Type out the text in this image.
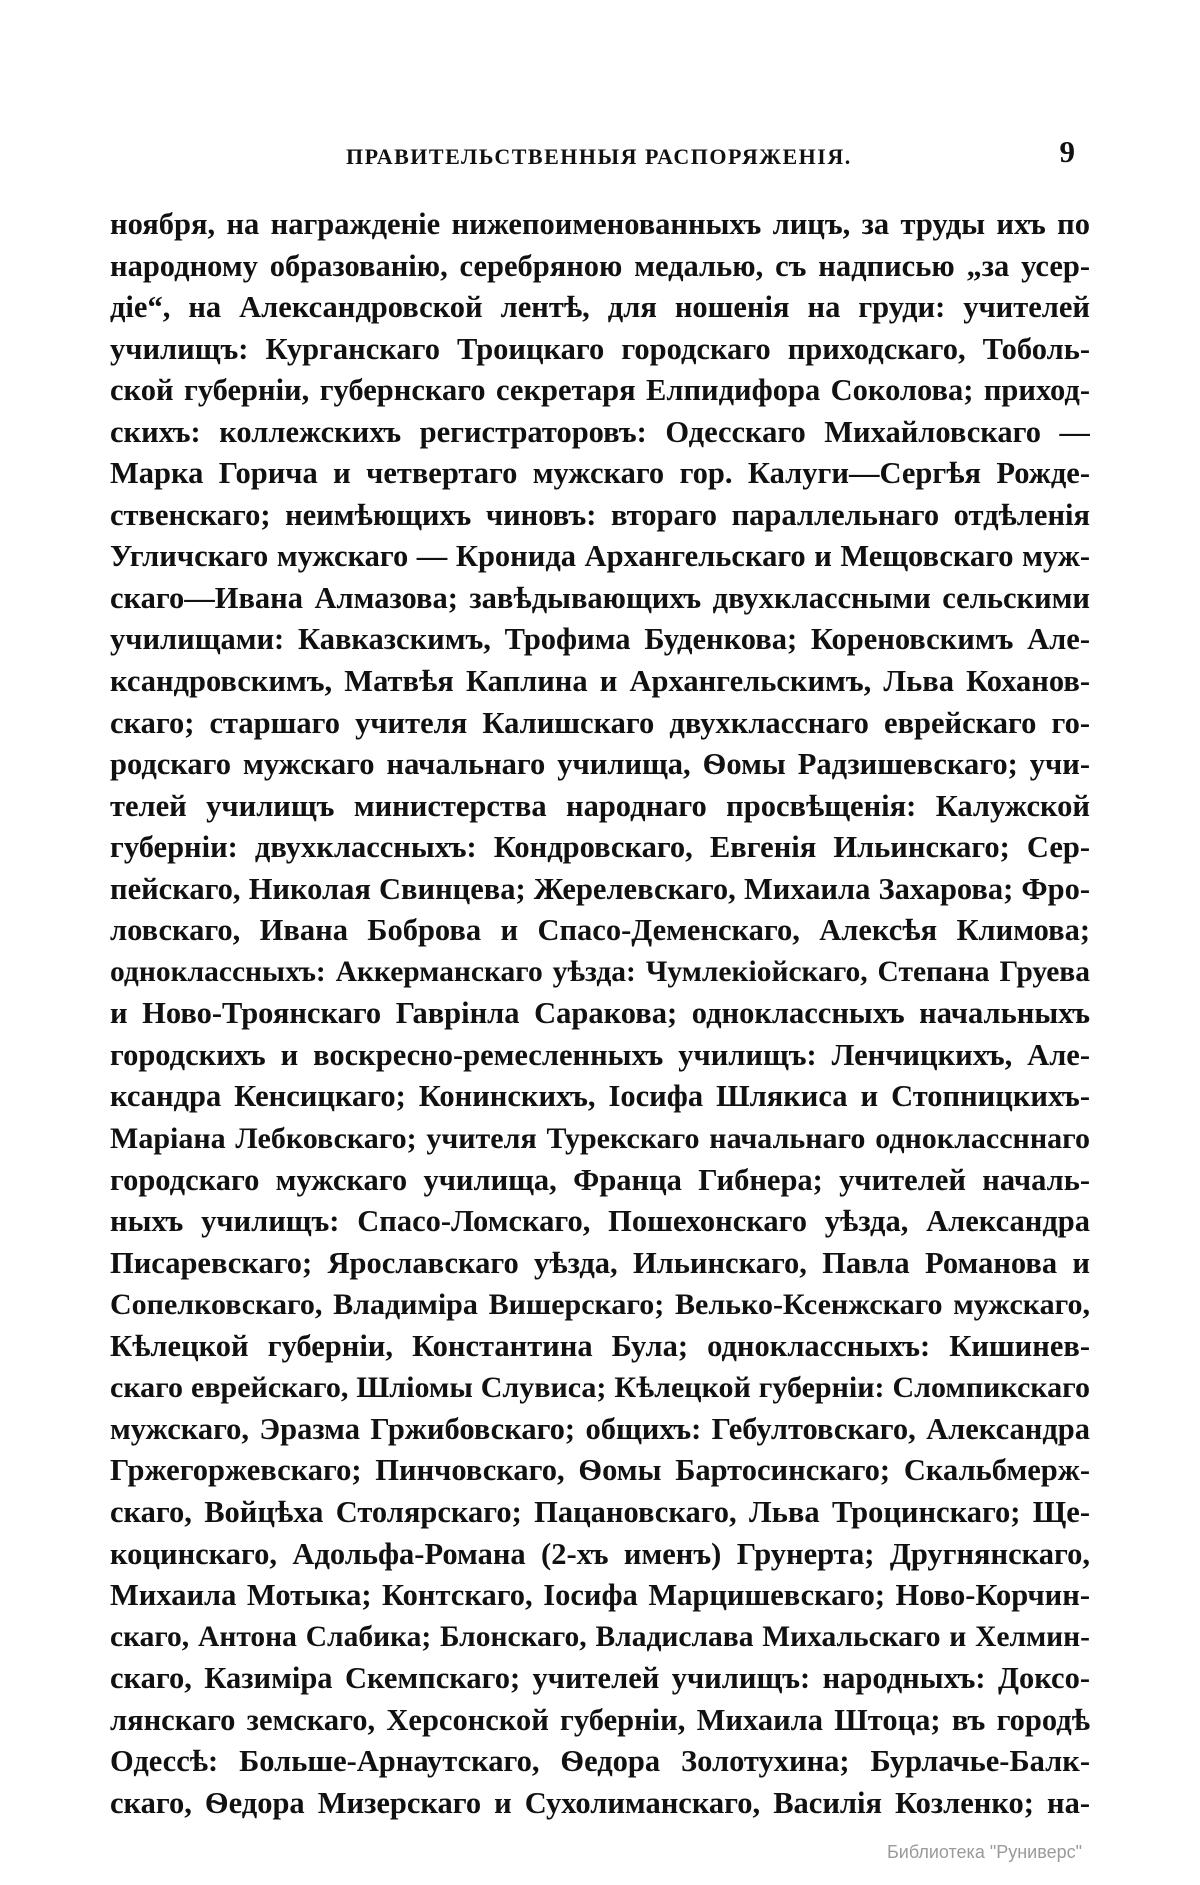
ПРАВИТЕЛЬСТВЕННЫЯ РАСПОРЯЖЕНІЯ.	9
ноября, на награжденіе нижепоименованныхъ лицъ, за труды ихъ по
народному образованію, серебряною медалью, съ надписью „за усер-
діе“, на Александровской лентѣ, для ношенія на груди: учителей
училищъ: Курганскаго Троицкаго городскаго приходскаго, Тоболь-
ской губерніи, губернскаго секретаря Елпидифора Соколова; приход-
скихъ: коллежскихъ регистраторовъ: Одесскаго Михайловскаго —
Марка Горича и четвертаго мужскаго гор. Калуги—Сергѣя Рожде-
ственскаго; неимѣющихъ чиновъ: втораго параллельнаго отдѣленія
Угличскаго мужскаго — Кронида Архангельскаго и Мещовскаго муж-
скаго—Ивана Алмазова; завѣдывающихъ двухклассными сельскими
училищами: Кавказскимъ, Трофима Буденкова; Кореновскимъ Але-
ксандровскимъ, Матвѣя Каплина и Архангельскимъ, Льва Коханов-
скаго; старшаго учителя Калишскаго двухкласснаго еврейскаго го-
родскаго мужскаго начальнаго училища, Ѳомы Радзишевскаго; учи-
телей училищъ министерства народнаго просвѣщенія: Калужской
губерніи: двухклассныхъ: Кондровскаго, Евгенія Ильинскаго; Сер-
пейскаго, Николая Свинцева; Жерелевскаго, Михаила Захарова; Фро-
ловскаго, Ивана Боброва и Спасо-Деменскаго, Алексѣя Климова;
одноклассныхъ: Аккерманскаго уѣзда: Чумлекіойскаго, Степана Груева
и Ново-Троянскаго Гаврінла Саракова; одноклассныхъ начальныхъ
городскихъ и воскресно-ремесленныхъ училищъ: Ленчицкихъ, Але-
ксандра Кенсицкаго; Конинскихъ, Іосифа Шлякиса и Стопницкихъ-
Маріана Лебковскаго; учителя Турекскаго начальнаго одноклассннаго
городскаго мужскаго училища, Франца Гибнера; учителей началь-
ныхъ училищъ: Спасо-Ломскаго, Пошехонскаго уѣзда, Александра
Писаревскаго; Ярославскаго уѣзда, Ильинскаго, Павла Романова и
Сопелковскаго, Владиміра Вишерскаго; Велько-Ксенжскаго мужскаго,
Кѣлецкой губерніи, Константина Була; одноклассныхъ: Кишинев-
скаго еврейскаго, Шліомы Слувиса; Кѣлецкой губерніи: Сломпикскаго
мужскаго, Эразма Гржибовскаго; общихъ: Гебултовскаго, Александра
Гржегоржевскаго; Пинчовскаго, Ѳомы Бартосинскаго; Скальбмерж-
скаго, Войцѣха Столярскаго; Пацановскаго, Льва Троцинскаго; Ще-
коцинскаго, Адольфа-Романа (2-хъ именъ) Грунерта; Другнянскаго,
Михаила Мотыка; Контскаго, Іосифа Марцишевскаго; Ново-Корчин-
скаго, Антона Слабика; Блонскаго, Владислава Михальскаго и Хелмин-
скаго, Казиміра Скемпскаго; учителей училищъ: народныхъ: Доксо-
лянскаго земскаго, Херсонской губерніи, Михаила Штоца; въ городѣ
Одессѣ: Больше-Арнаутскаго, Ѳедора Золотухина; Бурлачье-Балк-
скаго, Ѳедора Мизерскаго и Сухолиманскаго, Василія Козленко; на-
Библиотека "Руниверс"
